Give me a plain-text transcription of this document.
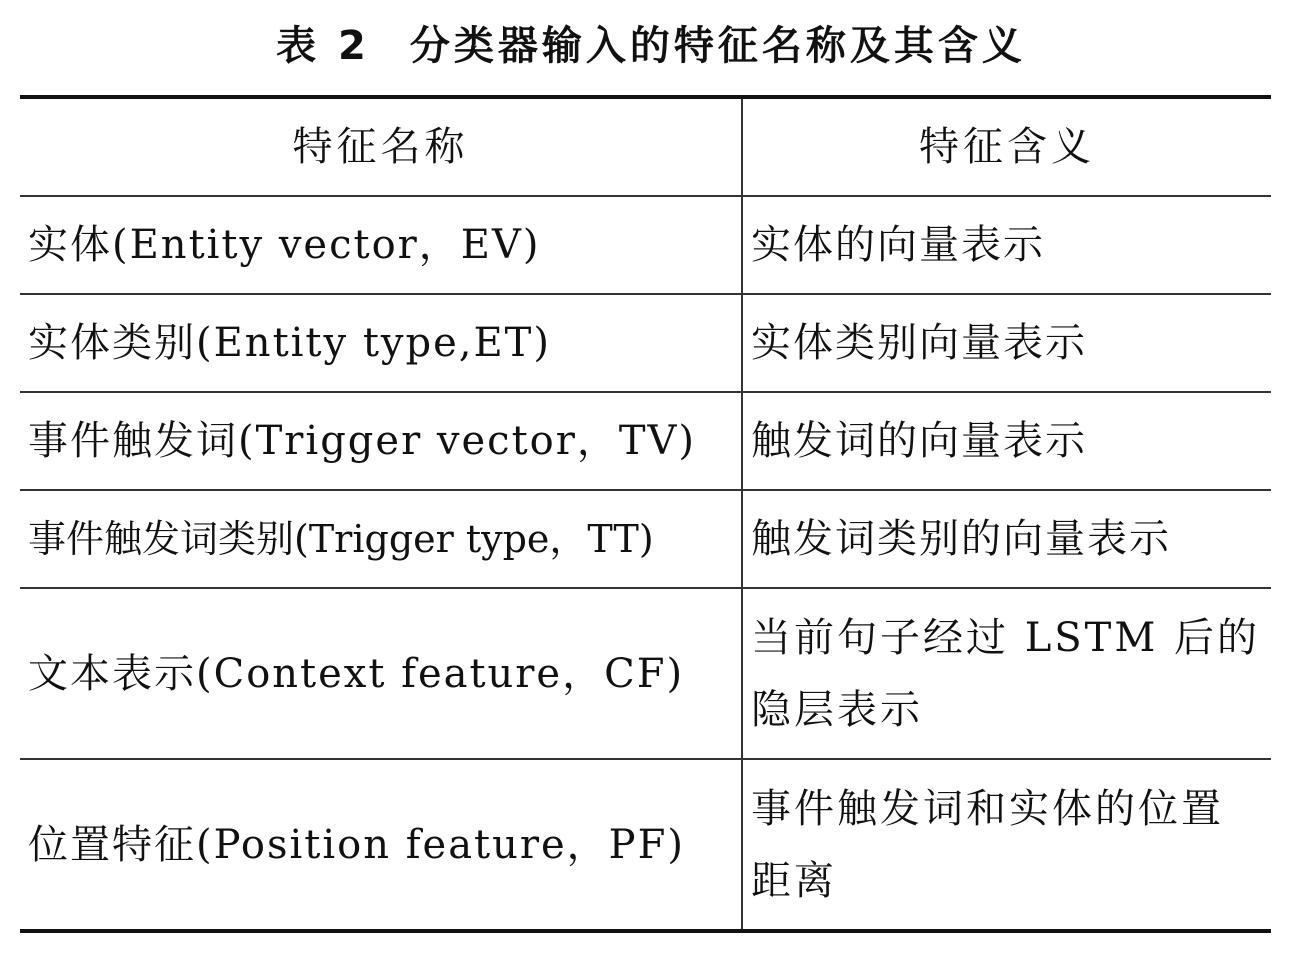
表 2 分类器输入的特征名称及其含义
特征名称	特征含义
实体(Entity vector，EV)	实体的向量表示
实体类别(Entity type,ET)	实体类别向量表示
事件触发词(Trigger vector，TV)	触发词的向量表示
事件触发词类别(Trigger type，TT)	触发词类别的向量表示
文本表示(Context feature，CF)	当前句子经过 LSTM 后的隐层表示
位置特征(Position feature，PF)	事件触发词和实体的位置距离
